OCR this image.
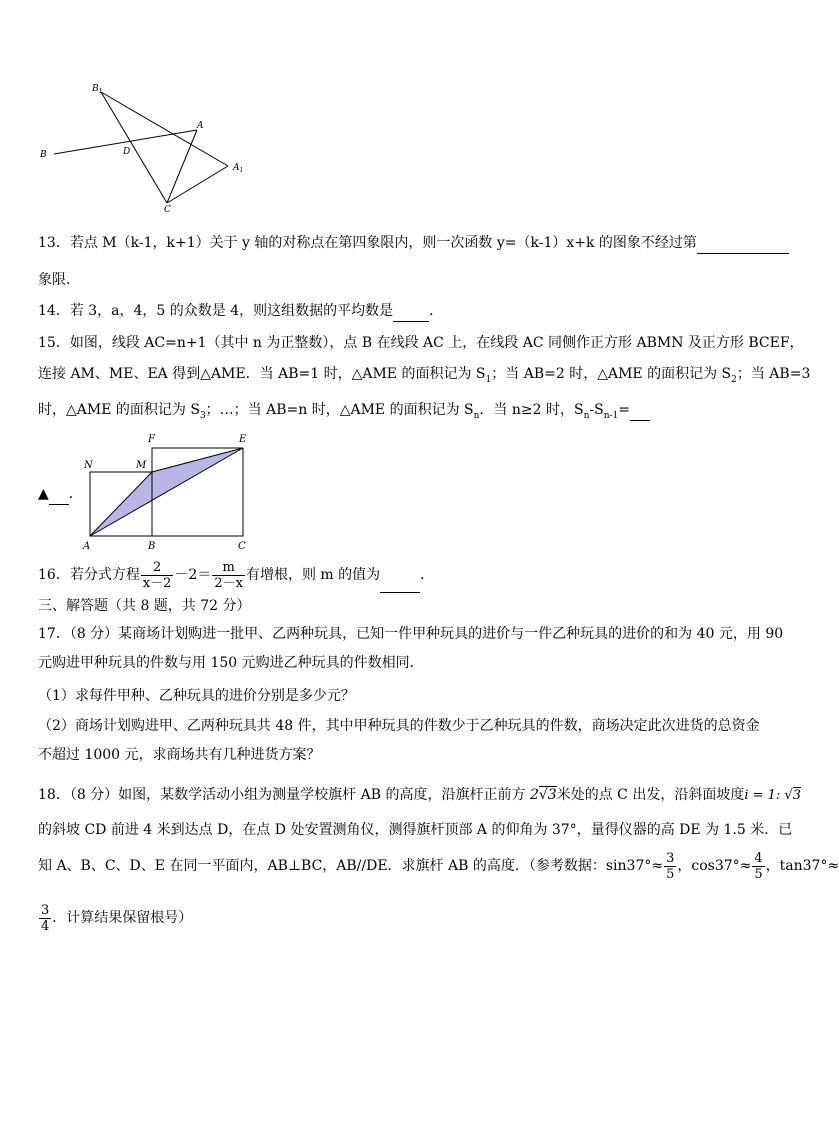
$B_1$
A
B	D
$A_1$
C
13．若点 M（k-1，k+1）关于 y 轴的对称点在第四象限内，则一次函数 y=（k-1）x+k 的图象不经过第
象限．
14．若 3，a，4，5 的众数是 4，则这组数据的平均数是	．
15．如图，线段 AC=n+1（其中 n 为正整数），点 B 在线段 AC 上，在线段 AC 同侧作正方形 ABMN 及正方形 BCEF，
连接 AM、ME、EA 得到△AME．当 AB=1 时，△AME 的面积记为 $S_1$；当 AB=2 时，△AME 的面积记为 $S_2$；当 AB=3
时，△AME 的面积记为 $S_3$；…；当 AB=n 时，△AME 的面积记为 $S_n$．当 n≥2 时，$S_n-S_{n-1}=$
F	E
N	M
A	B	C
▲ ．
16．若分式方程 $\frac{2}{x-2} -2= \frac{m}{2-x}$ 有增根，则 m 的值为	．
三、解答题（共 8 题，共 72 分）
17．（8 分）某商场计划购进一批甲、乙两种玩具，已知一件甲种玩具的进价与一件乙种玩具的进价的和为 40 元，用 90
元购进甲种玩具的件数与用 150 元购进乙种玩具的件数相同．
（1）求每件甲种、乙种玩具的进价分别是多少元？
（2）商场计划购进甲、乙两种玩具共 48 件，其中甲种玩具的件数少于乙种玩具的件数，商场决定此次进货的总资金
不超过 1000 元，求商场共有几种进货方案？
18．（8 分）如图，某数学活动小组为测量学校旗杆 AB 的高度，沿旗杆正前方 2√3米处的点 C 出发，沿斜面坡度i = 1: √3
的斜坡 CD 前进 4 米到达点 D，在点 D 处安置测角仪，测得旗杆顶部 A 的仰角为 37°，量得仪器的高 DE 为 1.5 米．已
知 A、B、C、D、E 在同一平面内，AB⊥BC，AB//DE．求旗杆 AB 的高度．（参考数据：$\sin 37^\circ\approx \frac{3}{5}$ ，$\cos 37^\circ\approx \frac{4}{5}$ ，tan37°≈
$\frac{3}{4}$ ．计算结果保留根号）
